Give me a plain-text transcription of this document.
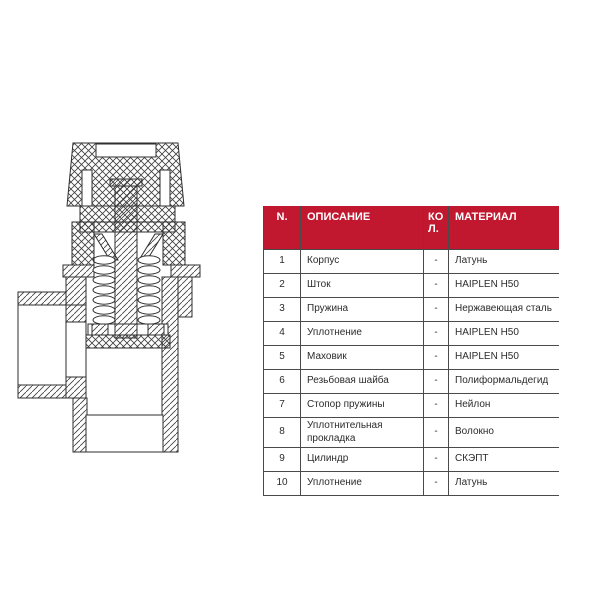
N.	ОПИСАНИЕ	КОЛ.	МАТЕРИАЛ
1	Корпус	-	Латунь
2	Шток	-	HAIPLEN H50
3	Пружина	-	Нержавеющая сталь
4	Уплотнение	-	HAIPLEN H50
5	Маховик	-	HAIPLEN H50
6	Резьбовая шайба	-	Полиформальдегид
7	Стопор пружины	-	Нейлон
8	Уплотнительная прокладка	-	Волокно
9	Цилиндр	-	СКЭПТ
10	Уплотнение	-	Латунь
